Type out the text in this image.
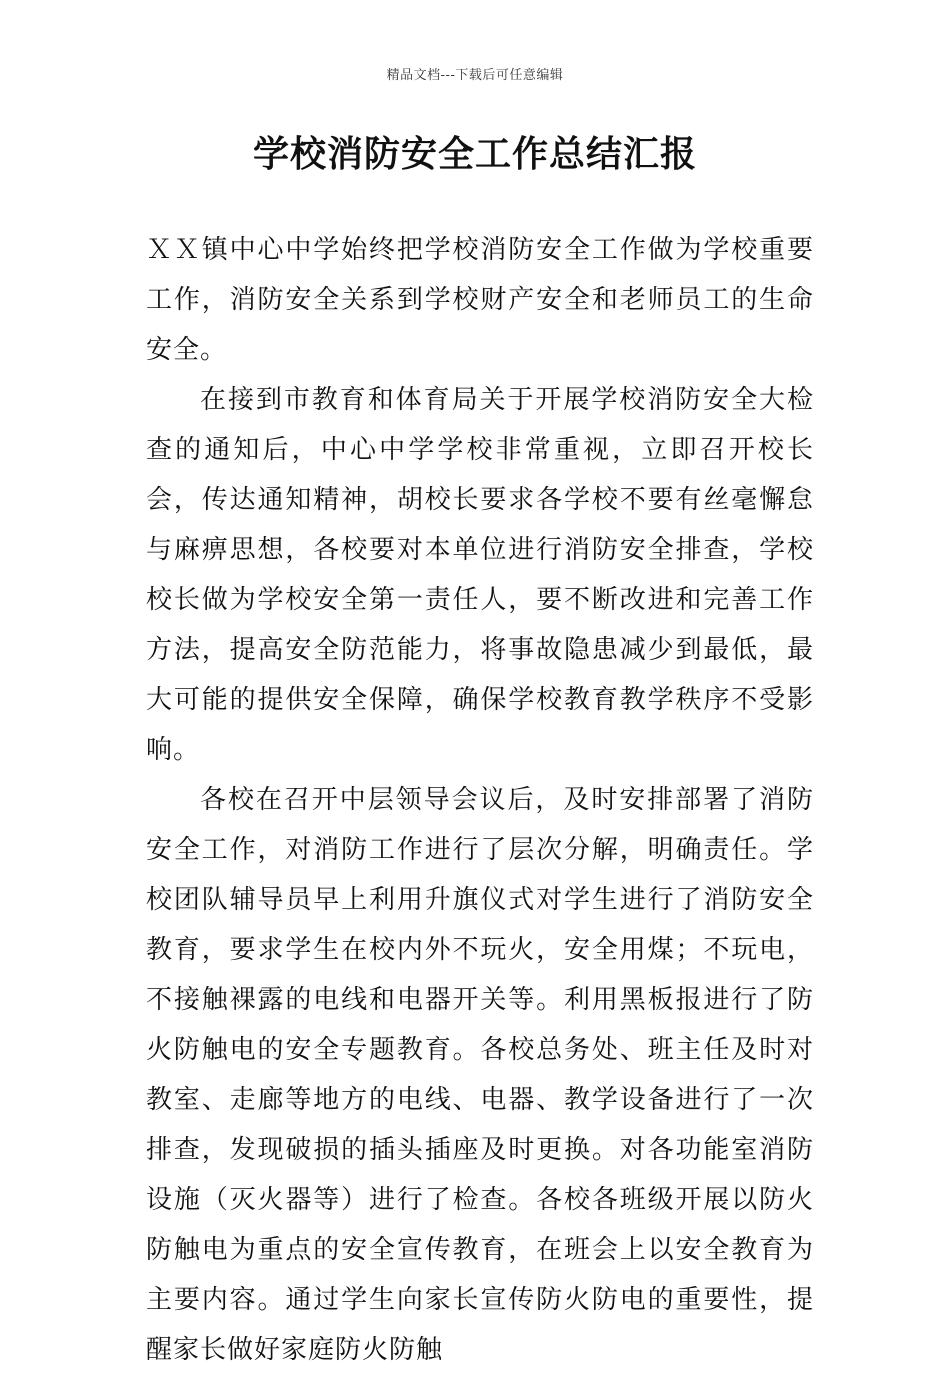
精品文档---下载后可任意编辑
学校消防安全工作总结汇报

ＸＸ镇中心中学始终把学校消防安全工作做为学校重要工作，消防安全关系到学校财产安全和老师员工的生命安全。

在接到市教育和体育局关于开展学校消防安全大检查的通知后，中心中学学校非常重视，立即召开校长会，传达通知精神，胡校长要求各学校不要有丝毫懈怠与麻痹思想，各校要对本单位进行消防安全排查，学校校长做为学校安全第一责任人，要不断改进和完善工作方法，提高安全防范能力，将事故隐患减少到最低，最大可能的提供安全保障，确保学校教育教学秩序不受影响。

各校在召开中层领导会议后，及时安排部署了消防安全工作，对消防工作进行了层次分解，明确责任。学校团队辅导员早上利用升旗仪式对学生进行了消防安全教育，要求学生在校内外不玩火，安全用煤；不玩电，不接触裸露的电线和电器开关等。利用黑板报进行了防火防触电的安全专题教育。各校总务处、班主任及时对教室、走廊等地方的电线、电器、教学设备进行了一次排查，发现破损的插头插座及时更换。对各功能室消防设施（灭火器等）进行了检查。各校各班级开展以防火防触电为重点的安全宣传教育，在班会上以安全教育为主要内容。通过学生向家长宣传防火防电的重要性，提醒家长做好家庭防火防触
